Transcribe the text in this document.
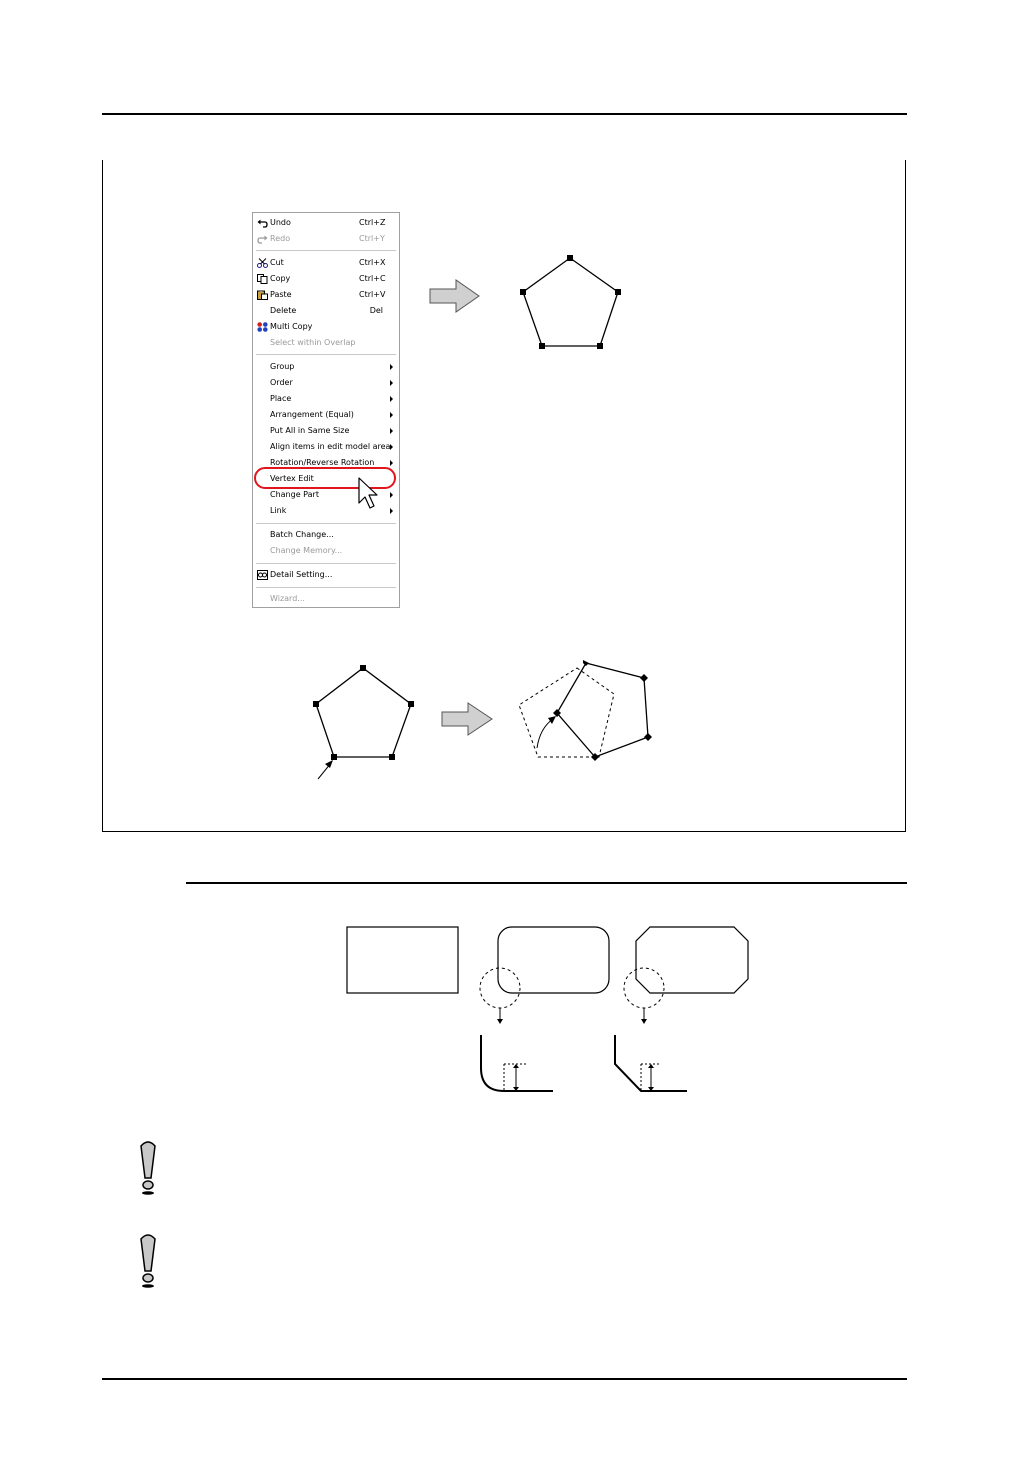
Undo	Ctrl+Z
Redo	Ctrl+Y
Cut	Ctrl+X
Copy	Ctrl+C
Paste	Ctrl+V
Delete	Del
Multi Copy
Select within Overlap
Group
Order
Place
Arrangement (Equal)
Put All in Same Size
Align items in edit model area
Rotation/Reverse Rotation
Vertex Edit
Change Part
Link
Batch Change...
Change Memory...
Detail Setting...
Wizard...
